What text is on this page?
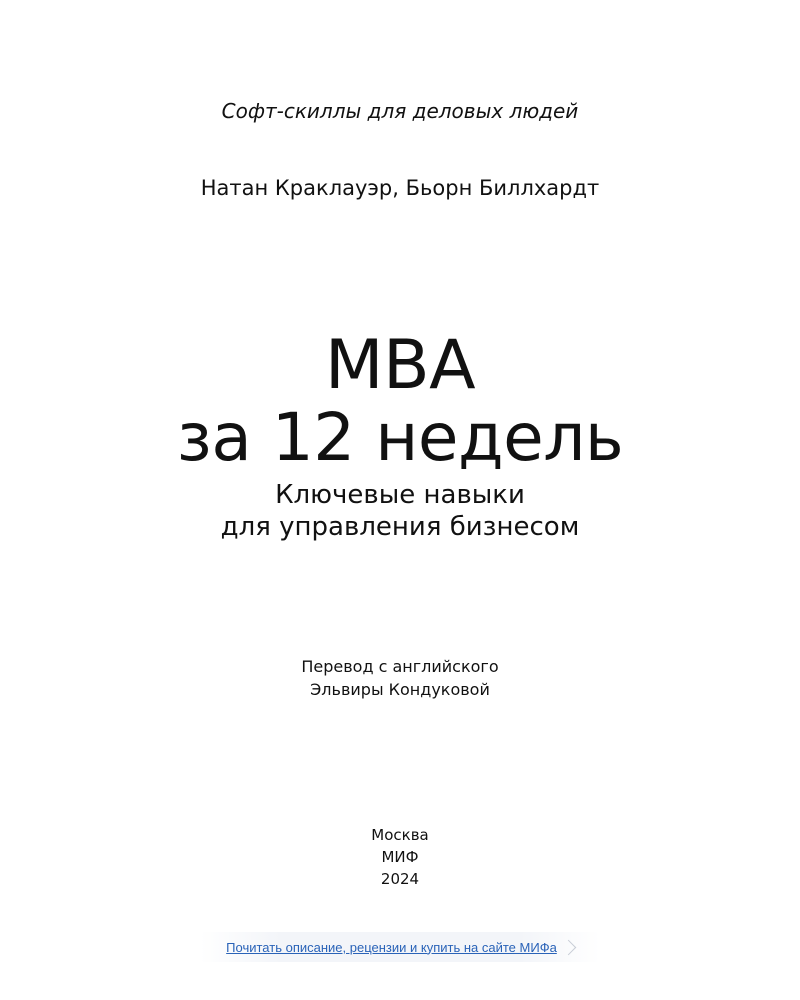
Софт-скиллы для деловых людей
Натан Краклауэр, Бьорн Биллхардт
MBA
за 12 недель
Ключевые навыки
для управления бизнесом
Перевод с английского
Эльвиры Кондуковой
Москва
МИФ
2024
Почитать описание, рецензии и купить на сайте МИФа
